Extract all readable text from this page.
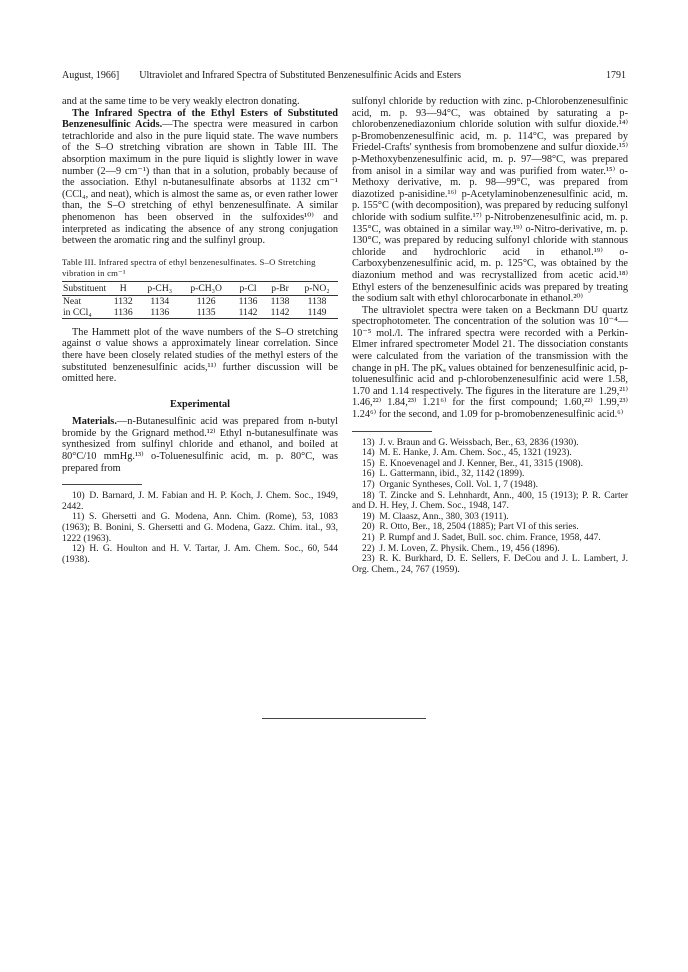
August, 1966]  Ultraviolet and Infrared Spectra of Substituted Benzenesulfinic Acids and Esters	1791

and at the same time to be very weakly electron donating.

The Infrared Spectra of the Ethyl Esters of Substituted Benzenesulfinic Acids.—The spectra were measured in carbon tetrachloride and also in the pure liquid state. The wave numbers of the S–O stretching vibration are shown in Table III. The absorption maximum in the pure liquid is slightly lower in wave number (2—9 cm⁻¹) than that in a solution, probably because of the association. Ethyl n-butanesulfinate absorbs at 1132 cm⁻¹ (CCl₄, and neat), which is almost the same as, or even rather lower than, the S–O stretching of ethyl benzenesulfinate. A similar phenomenon has been observed in the sulfoxides¹⁰⁾ and interpreted as indicating the absence of any strong conjugation between the aromatic ring and the sulfinyl group.

Table III. Infrared spectra of ethyl benzenesulfinates. S–O Stretching vibration in cm⁻¹
Substituent	H	p-CH₃	p-CH₃O	p-Cl	p-Br	p-NO₂
Neat	1132	1134	1126	1136	1138	1138
in CCl₄	1136	1136	1135	1142	1142	1149

The Hammett plot of the wave numbers of the S–O stretching against σ value shows a approximately linear correlation. Since there have been closely related studies of the methyl esters of the substituted benzenesulfinic acids,¹¹⁾ further discussion will be omitted here.

Experimental

Materials.—n-Butanesulfinic acid was prepared from n-butyl bromide by the Grignard method.¹²⁾ Ethyl n-butanesulfinate was synthesized from sulfinyl chloride and ethanol, and boiled at 80°C/10 mmHg.¹³⁾ o-Toluenesulfinic acid, m. p. 80°C, was prepared from

10) D. Barnard, J. M. Fabian and H. P. Koch, J. Chem. Soc., 1949, 2442.

11) S. Ghersetti and G. Modena, Ann. Chim. (Rome), 53, 1083 (1963); B. Bonini, S. Ghersetti and G. Modena, Gazz. Chim. ital., 93, 1222 (1963).

12) H. G. Houlton and H. V. Tartar, J. Am. Chem. Soc., 60, 544 (1938).

sulfonyl chloride by reduction with zinc. p-Chlorobenzenesulfinic acid, m. p. 93—94°C, was obtained by saturating a p-chlorobenzenediazonium chloride solution with sulfur dioxide.¹⁴⁾ p-Bromobenzenesulfinic acid, m. p. 114°C, was prepared by Friedel-Crafts' synthesis from bromobenzene and sulfur dioxide.¹⁵⁾ p-Methoxybenzenesulfinic acid, m. p. 97—98°C, was prepared from anisol in a similar way and was purified from water.¹⁵⁾ o-Methoxy derivative, m. p. 98—99°C, was prepared from diazotized p-anisidine.¹⁶⁾ p-Acetylaminobenzenesulfinic acid, m. p. 155°C (with decomposition), was prepared by reducing sulfonyl chloride with sodium sulfite.¹⁷⁾ p-Nitrobenzenesulfinic acid, m. p. 135°C, was obtained in a similar way.¹⁹⁾ o-Nitro-derivative, m. p. 130°C, was prepared by reducing sulfonyl chloride with stannous chloride and hydrochloric acid in ethanol.¹⁹⁾ o-Carboxybenzenesulfinic acid, m. p. 125°C, was obtained by the diazonium method and was recrystallized from acetic acid.¹⁸⁾ Ethyl esters of the benzenesulfinic acids was prepared by treating the sodium salt with ethyl chlorocarbonate in ethanol.²⁰⁾

The ultraviolet spectra were taken on a Beckmann DU quartz spectrophotometer. The concentration of the solution was 10⁻⁴—10⁻⁵ mol./l. The infrared spectra were recorded with a Perkin-Elmer infrared spectrometer Model 21. The dissociation constants were calculated from the variation of the transmission with the change in pH. The pKₐ values obtained for benzenesulfinic acid, p-toluenesulfinic acid and p-chlorobenzenesulfinic acid were 1.58, 1.70 and 1.14 respectively. The figures in the literature are 1.29,²¹⁾ 1.46,²²⁾ 1.84,²³⁾ 1.21⁶⁾ for the first compound; 1.60,²²⁾ 1.99,²³⁾ 1.24⁶⁾ for the second, and 1.09 for p-bromobenzenesulfinic acid.⁶⁾

13) J. v. Braun and G. Weissbach, Ber., 63, 2836 (1930).

14) M. E. Hanke, J. Am. Chem. Soc., 45, 1321 (1923).

15) E. Knoevenagel and J. Kenner, Ber., 41, 3315 (1908).

16) L. Gattermann, ibid., 32, 1142 (1899).

17) Organic Syntheses, Coll. Vol. 1, 7 (1948).

18) T. Zincke and S. Lehnhardt, Ann., 400, 15 (1913); P. R. Carter and D. H. Hey, J. Chem. Soc., 1948, 147.

19) M. Claasz, Ann., 380, 303 (1911).

20) R. Otto, Ber., 18, 2504 (1885); Part VI of this series.

21) P. Rumpf and J. Sadet, Bull. soc. chim. France, 1958, 447.

22) J. M. Loven, Z. Physik. Chem., 19, 456 (1896).

23) R. K. Burkhard, D. E. Sellers, F. DeCou and J. L. Lambert, J. Org. Chem., 24, 767 (1959).
